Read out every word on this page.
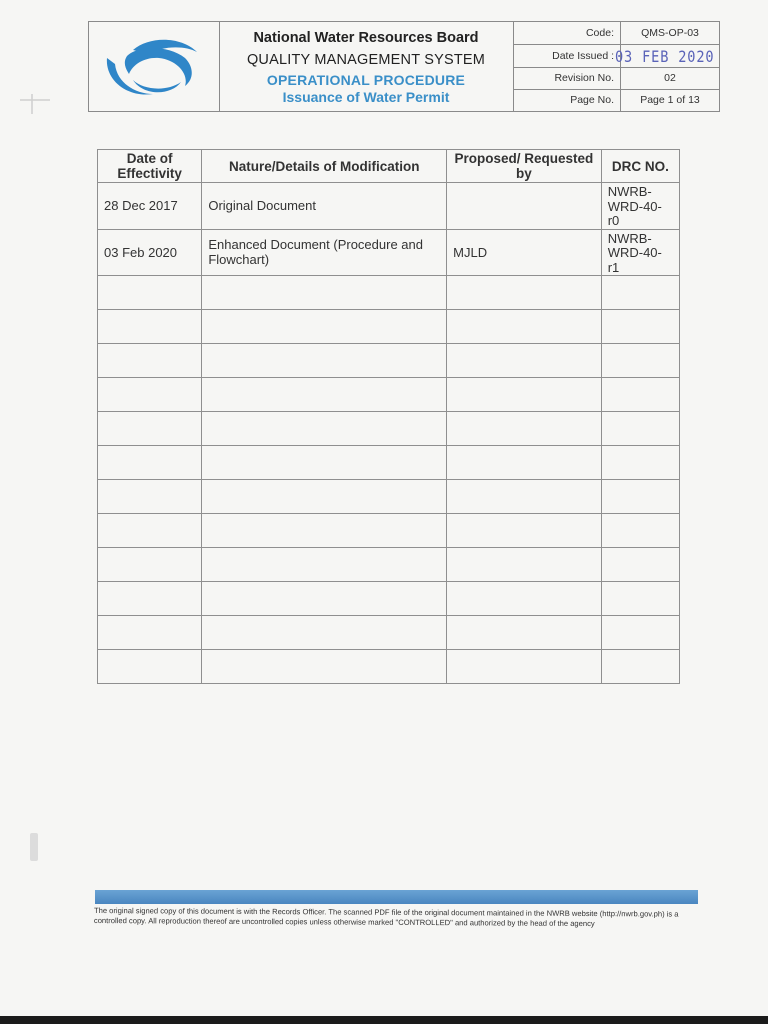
National Water Resources Board
QUALITY MANAGEMENT SYSTEM
OPERATIONAL PROCEDURE
Issuance of Water Permit
Code:	QMS-OP-03
Date Issued : 03 FEB 2020
Revision No.	02
Page No.	Page 1 of 13
Date of Effectivity	Nature/Details of Modification	Proposed/ Requested by	DRC NO.
28 Dec 2017	Original Document		NWRB-WRD-40-r0
03 Feb 2020	Enhanced Document (Procedure and Flowchart)	MJLD	NWRB-WRD-40-r1

The original signed copy of this document is with the Records Officer. The scanned PDF file of the original document maintained in the NWRB website (http://nwrb.gov.ph) is a controlled copy. All reproduction thereof are uncontrolled copies unless otherwise marked "CONTROLLED" and authorized by the head of the agency
